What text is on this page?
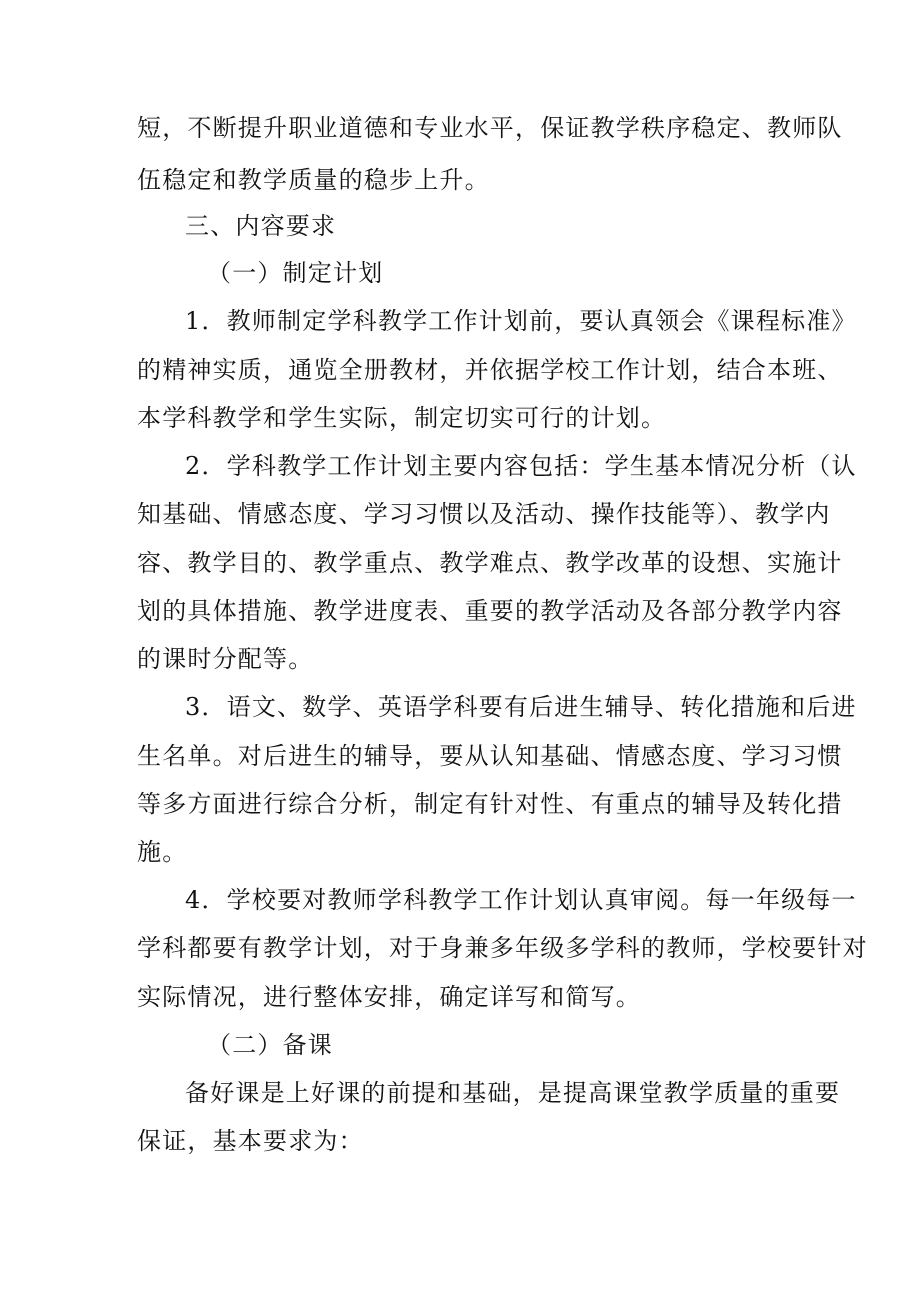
短，不断提升职业道德和专业水平，保证教学秩序稳定、教师队
伍稳定和教学质量的稳步上升。
三、内容要求
（一）制定计划
1．教师制定学科教学工作计划前，要认真领会《课程标准》
的精神实质，通览全册教材，并依据学校工作计划，结合本班、
本学科教学和学生实际，制定切实可行的计划。
2．学科教学工作计划主要内容包括：学生基本情况分析（认
知基础、情感态度、学习习惯以及活动、操作技能等）、教学内
容、教学目的、教学重点、教学难点、教学改革的设想、实施计
划的具体措施、教学进度表、重要的教学活动及各部分教学内容
的课时分配等。
3．语文、数学、英语学科要有后进生辅导、转化措施和后进
生名单。对后进生的辅导，要从认知基础、情感态度、学习习惯
等多方面进行综合分析，制定有针对性、有重点的辅导及转化措
施。
4．学校要对教师学科教学工作计划认真审阅。每一年级每一
学科都要有教学计划，对于身兼多年级多学科的教师，学校要针对
实际情况，进行整体安排，确定详写和简写。
（二）备课
备好课是上好课的前提和基础，是提高课堂教学质量的重要
保证，基本要求为：
